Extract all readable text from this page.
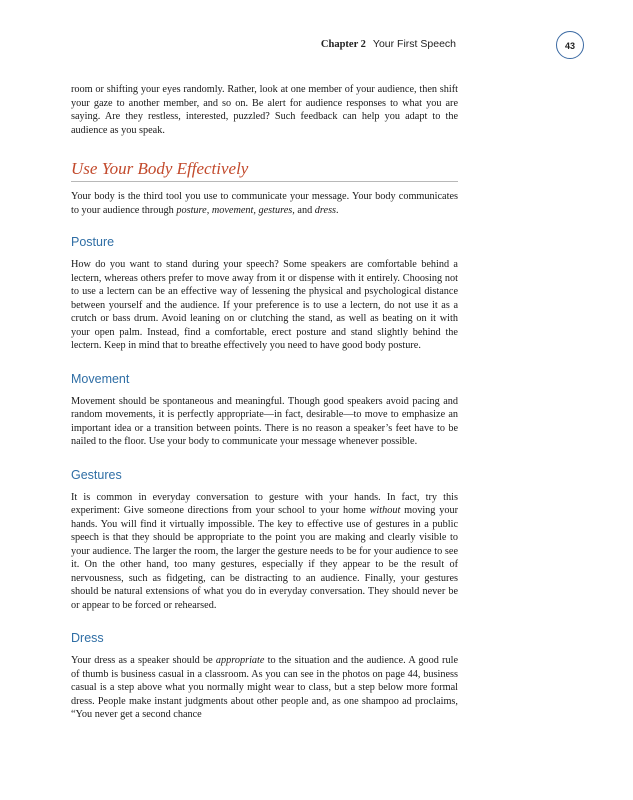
Chapter 2 Your First Speech	43

room or shifting your eyes randomly. Rather, look at one member of your audience, then shift your gaze to another member, and so on. Be alert for audience responses to what you are saying. Are they restless, interested, puzzled? Such feedback can help you adapt to the audience as you speak.

Use Your Body Effectively

Your body is the third tool you use to communicate your message. Your body communicates to your audience through posture, movement, gestures, and dress.

Posture

How do you want to stand during your speech? Some speakers are comfortable behind a lectern, whereas others prefer to move away from it or dispense with it entirely. Choosing not to use a lectern can be an effective way of lessening the physical and psychological distance between yourself and the audience. If your preference is to use a lectern, do not use it as a crutch or bass drum. Avoid leaning on or clutching the stand, as well as beating on it with your open palm. Instead, find a comfortable, erect posture and stand slightly behind the lectern. Keep in mind that to breathe effectively you need to have good body posture.

Movement

Movement should be spontaneous and meaningful. Though good speakers avoid pacing and random movements, it is perfectly appropriate—in fact, desirable—to move to emphasize an important idea or a transition between points. There is no reason a speaker’s feet have to be nailed to the floor. Use your body to communicate your message whenever possible.

Gestures

It is common in everyday conversation to gesture with your hands. In fact, try this experiment: Give someone directions from your school to your home without moving your hands. You will find it virtually impossible. The key to effective use of gestures in a public speech is that they should be appropriate to the point you are making and clearly visible to your audience. The larger the room, the larger the gesture needs to be for your audience to see it. On the other hand, too many gestures, especially if they appear to be the result of nervousness, such as fidgeting, can be distracting to an audience. Finally, your gestures should be natural extensions of what you do in everyday conversation. They should never be or appear to be forced or rehearsed.

Dress

Your dress as a speaker should be appropriate to the situation and the audience. A good rule of thumb is business casual in a classroom. As you can see in the photos on page 44, business casual is a step above what you normally might wear to class, but a step below more formal dress. People make instant judgments about other people and, as one shampoo ad proclaims, “You never get a second chance
